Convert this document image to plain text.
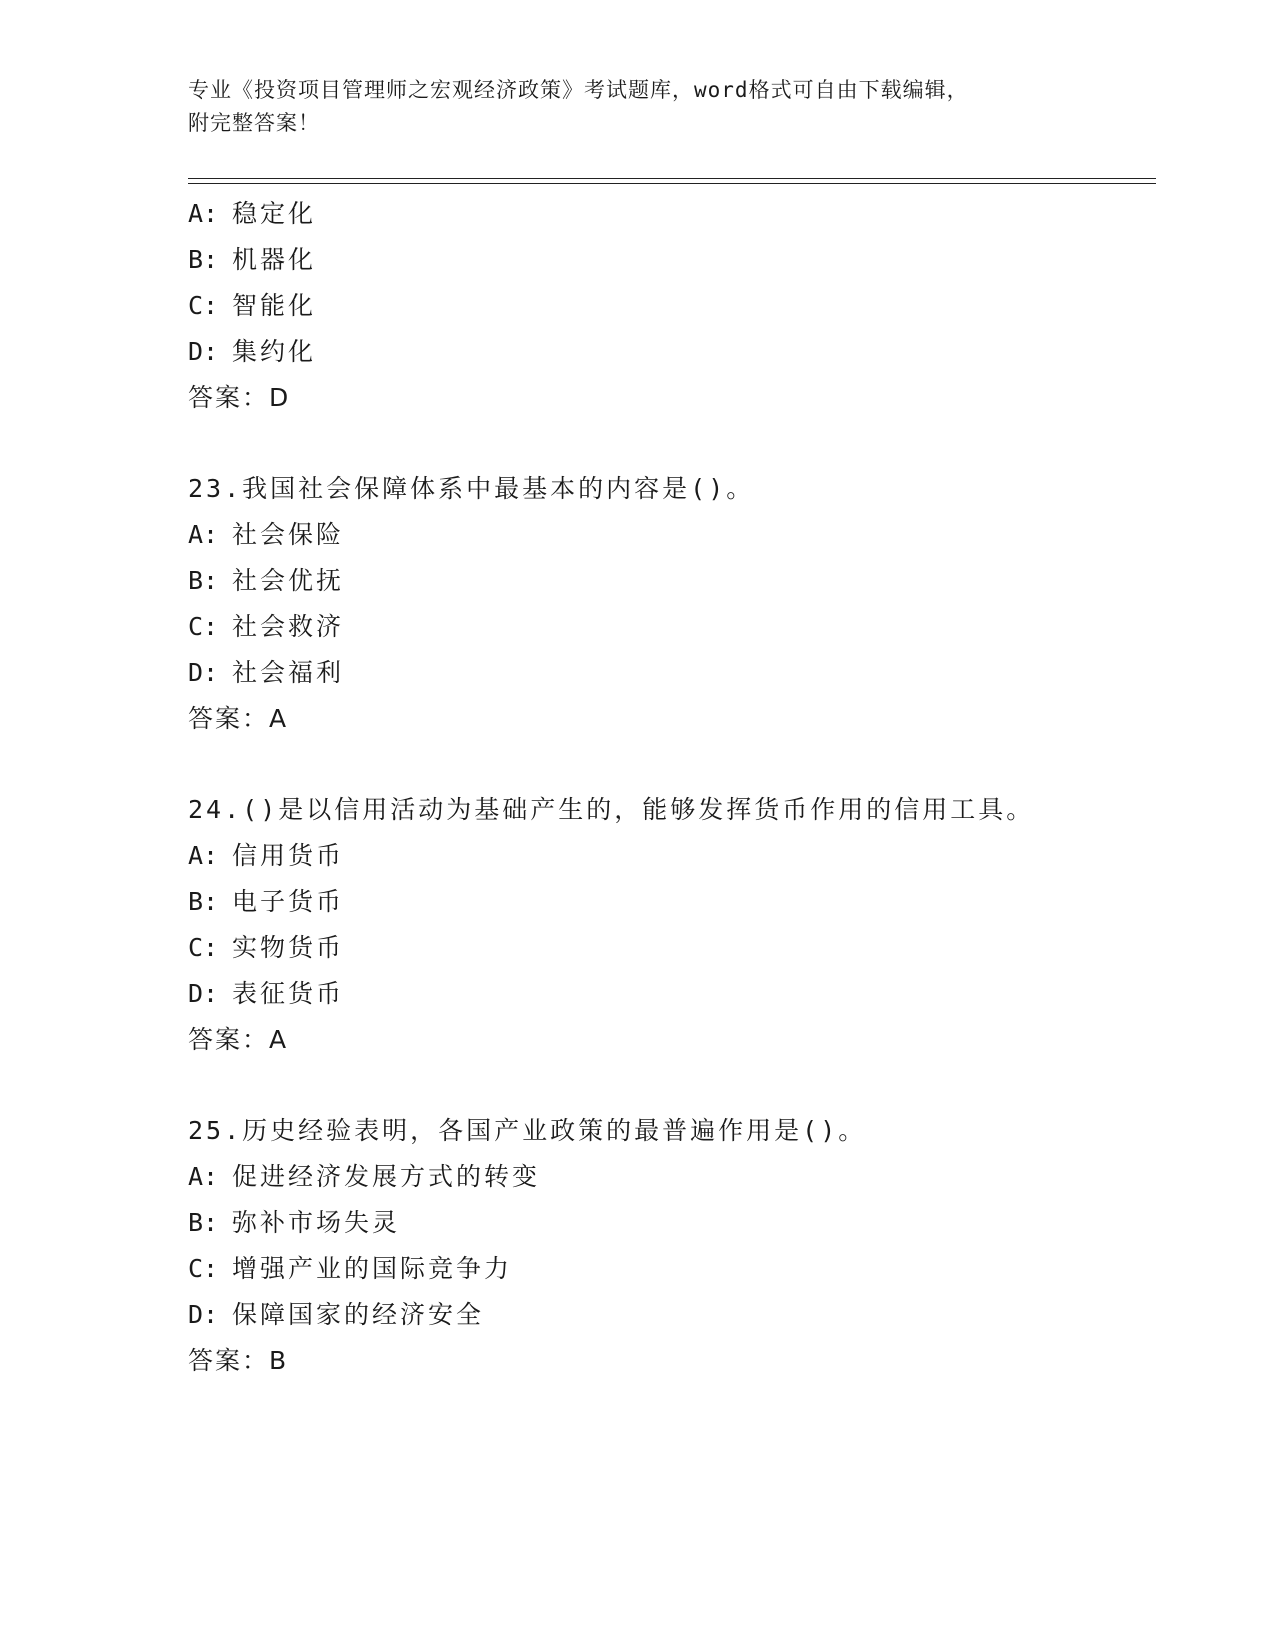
专业《投资项目管理师之宏观经济政策》考试题库，word格式可自由下载编辑，
附完整答案！
A: 稳定化
B: 机器化
C: 智能化
D: 集约化
答案：D
23.我国社会保障体系中最基本的内容是()。
A: 社会保险
B: 社会优抚
C: 社会救济
D: 社会福利
答案：A
24.()是以信用活动为基础产生的，能够发挥货币作用的信用工具。
A: 信用货币
B: 电子货币
C: 实物货币
D: 表征货币
答案：A
25.历史经验表明，各国产业政策的最普遍作用是()。
A: 促进经济发展方式的转变
B: 弥补市场失灵
C: 增强产业的国际竞争力
D: 保障国家的经济安全
答案：B
